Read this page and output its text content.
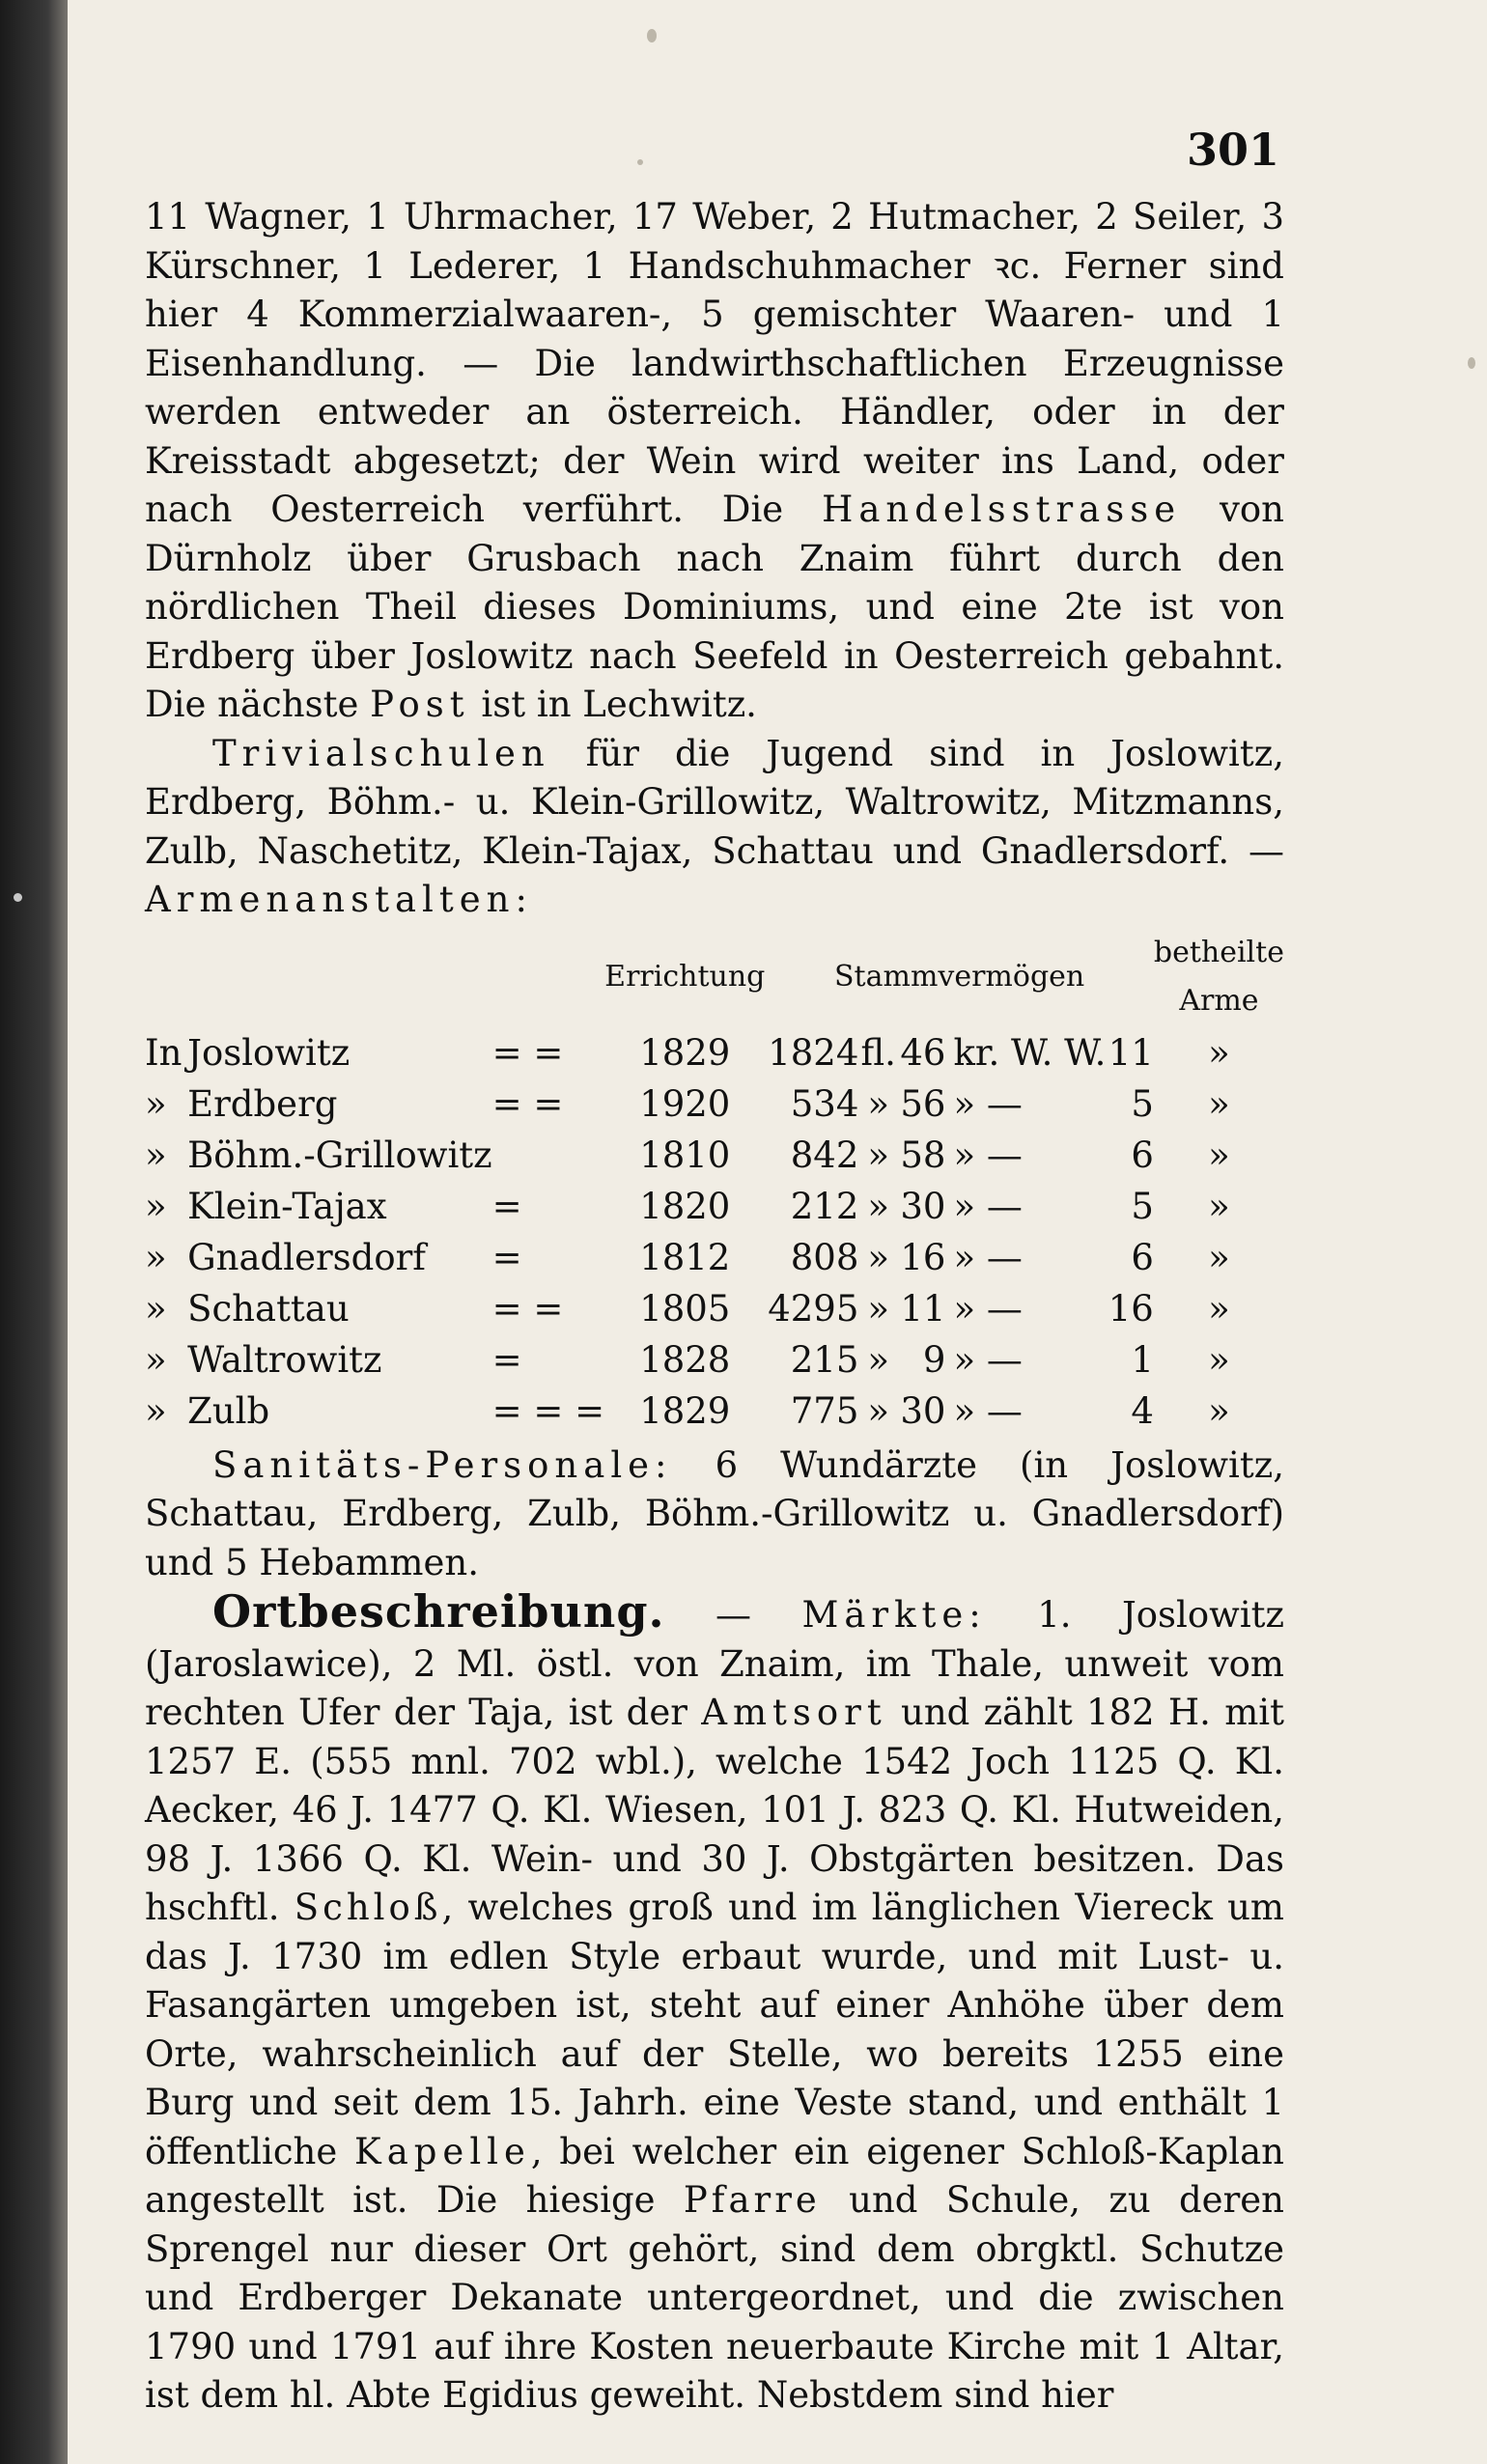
301

11 Wagner, 1 Uhrmacher, 17 Weber, 2 Hutmacher, 2 Seiler, 3 Kürschner, 1 Lederer, 1 Handschuhmacher ꝛc. Ferner sind hier 4 Kommerzialwaaren-, 5 gemischter Waaren- und 1 Eisenhandlung. — Die landwirthschaftlichen Erzeugnisse werden entweder an österreich. Händler, oder in der Kreisstadt abgesetzt; der Wein wird weiter ins Land, oder nach Oesterreich verführt. Die Handelsstrasse von Dürnholz über Grusbach nach Znaim führt durch den nördlichen Theil dieses Dominiums, und eine 2te ist von Erdberg über Joslowitz nach Seefeld in Oesterreich gebahnt. Die nächste Post ist in Lechwitz.

Trivialschulen für die Jugend sind in Joslowitz, Erdberg, Böhm.- u. Klein-Grillowitz, Waltrowitz, Mitzmanns, Zulb, Naschetitz, Klein-Tajax, Schattau und Gnadlersdorf. — Armenanstalten:

			Errichtung	Stammvermögen					betheilte Arme
In	Joslowitz	= =	1829	1824	fl.	46	kr. W. W.	11	»
»	Erdberg	= =	1920	534	»	56	» —	5	»
»	Böhm.-Grillowitz		1810	842	»	58	» —	6	»
»	Klein-Tajax	=	1820	212	»	30	» —	5	»
»	Gnadlersdorf	=	1812	808	»	16	» —	6	»
»	Schattau	= =	1805	4295	»	11	» —	16	»
»	Waltrowitz	=	1828	215	»	9	» —	1	»
»	Zulb	= = =	1829	775	»	30	» —	4	»

Sanitäts-Personale: 6 Wundärzte (in Joslowitz, Schattau, Erdberg, Zulb, Böhm.-Grillowitz u. Gnadlersdorf) und 5 Hebammen.

Ortbeschreibung. — Märkte: 1. Joslowitz (Jaroslawice), 2 Ml. östl. von Znaim, im Thale, unweit vom rechten Ufer der Taja, ist der Amtsort und zählt 182 H. mit 1257 E. (555 mnl. 702 wbl.), welche 1542 Joch 1125 Q. Kl. Aecker, 46 J. 1477 Q. Kl. Wiesen, 101 J. 823 Q. Kl. Hutweiden, 98 J. 1366 Q. Kl. Wein- und 30 J. Obstgärten besitzen. Das hschftl. Schloß, welches groß und im länglichen Viereck um das J. 1730 im edlen Style erbaut wurde, und mit Lust- u. Fasangärten umgeben ist, steht auf einer Anhöhe über dem Orte, wahrscheinlich auf der Stelle, wo bereits 1255 eine Burg und seit dem 15. Jahrh. eine Veste stand, und enthält 1 öffentliche Kapelle, bei welcher ein eigener Schloß-Kaplan angestellt ist. Die hiesige Pfarre und Schule, zu deren Sprengel nur dieser Ort gehört, sind dem obrgktl. Schutze und Erdberger Dekanate untergeordnet, und die zwischen 1790 und 1791 auf ihre Kosten neuerbaute Kirche mit 1 Altar, ist dem hl. Abte Egidius geweiht. Nebstdem sind hier
